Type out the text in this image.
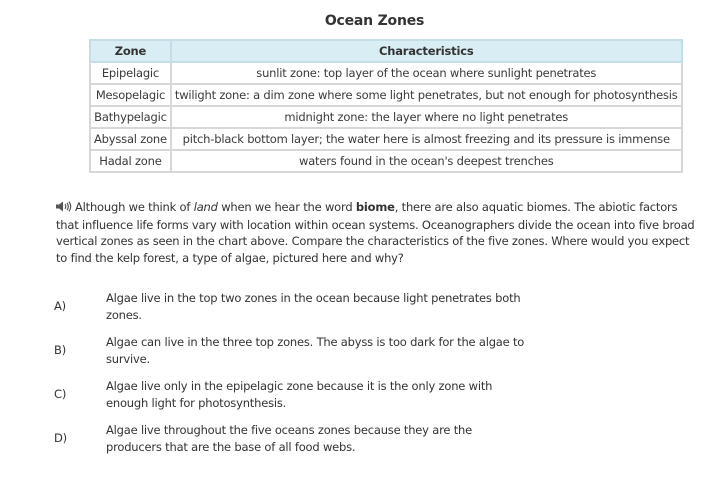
Ocean Zones
Zone	Characteristics
Epipelagic	sunlit zone: top layer of the ocean where sunlight penetrates
Mesopelagic	twilight zone: a dim zone where some light penetrates, but not enough for photosynthesis
Bathypelagic	midnight zone: the layer where no light penetrates
Abyssal zone	pitch-black bottom layer; the water here is almost freezing and its pressure is immense
Hadal zone	waters found in the ocean's deepest trenches
Although we think of land when we hear the word biome, there are also aquatic biomes. The abiotic factors that influence life forms vary with location within ocean systems. Oceanographers divide the ocean into five broad vertical zones as seen in the chart above. Compare the characteristics of the five zones. Where would you expect to find the kelp forest, a type of algae, pictured here and why?
A)
Algae live in the top two zones in the ocean because light penetrates both zones.
B)
Algae can live in the three top zones. The abyss is too dark for the algae to survive.
C)
Algae live only in the epipelagic zone because it is the only zone with enough light for photosynthesis.
D)
Algae live throughout the five oceans zones because they are the producers that are the base of all food webs.
